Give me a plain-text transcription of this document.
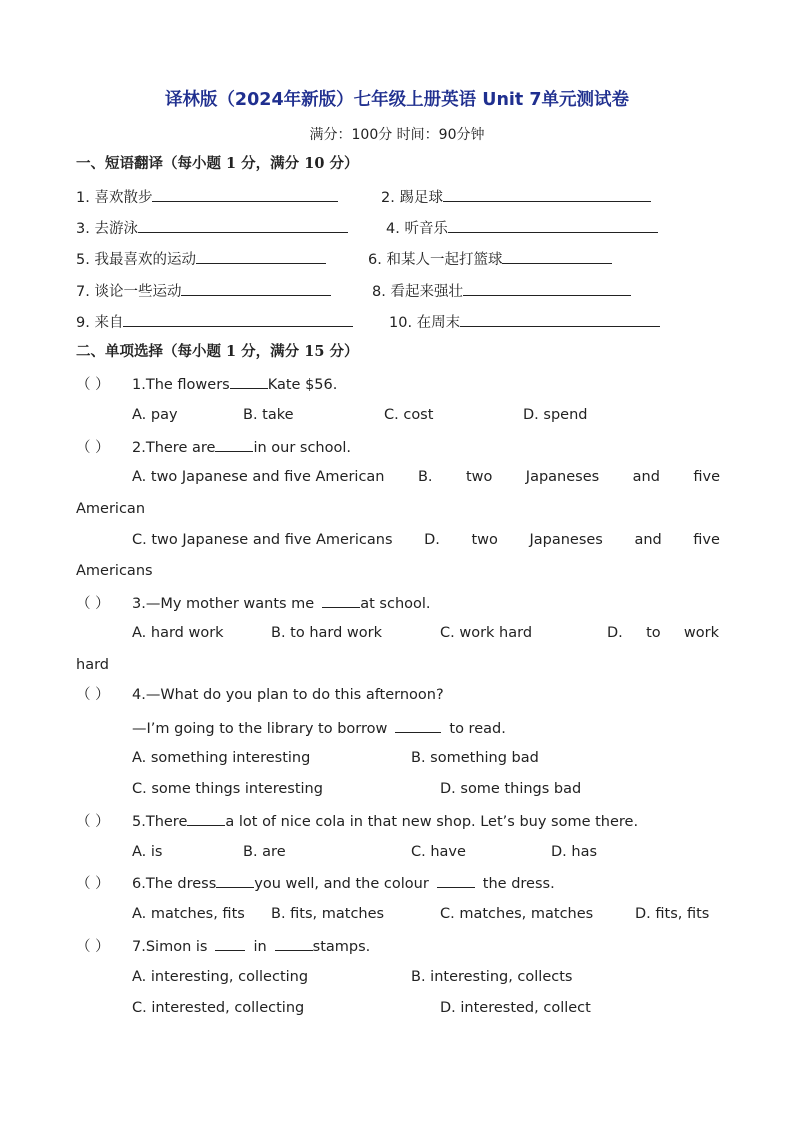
译林版（2024年新版）七年级上册英语 Unit 7单元测试卷
满分：100分 时间：90分钟
一、短语翻译（每小题 1 分，满分 10 分）
1. 喜欢散步	2. 踢足球
3. 去游泳	4. 听音乐
5. 我最喜欢的运动	6. 和某人一起打篮球
7. 谈论一些运动	8. 看起来强壮
9. 来自	10. 在周末
二、单项选择（每小题 1 分，满分 15 分）
（ ） 1.The flowers	Kate $56.
A. pay	B. take	C. cost	D. spend
（ ） 2.There are	in our school.
A. two Japanese and five American B. two Japaneses and five
American
C. two Japanese and five Americans D. two Japaneses and five
Americans
（ ） 3.—My mother wants me	at school.
A. hard work	B. to hard work	C. work hard	D. to work
hard
（ ） 4.—What do you plan to do this afternoon?
—I’m going to the library to borrow	to read.
A. something interesting	B. something bad
C. some things interesting	D. some things bad
（ ） 5.There	a lot of nice cola in that new shop. Let’s buy some there.
A. is	B. are	C. have	D. has
（ ） 6.The dress	you well, and the colour	the dress.
A. matches, fits B. fits, matches	C. matches, matches	D. fits, fits
（ ） 7.Simon is	in	stamps.
A. interesting, collecting	B. interesting, collects
C. interested, collecting	D. interested, collect
